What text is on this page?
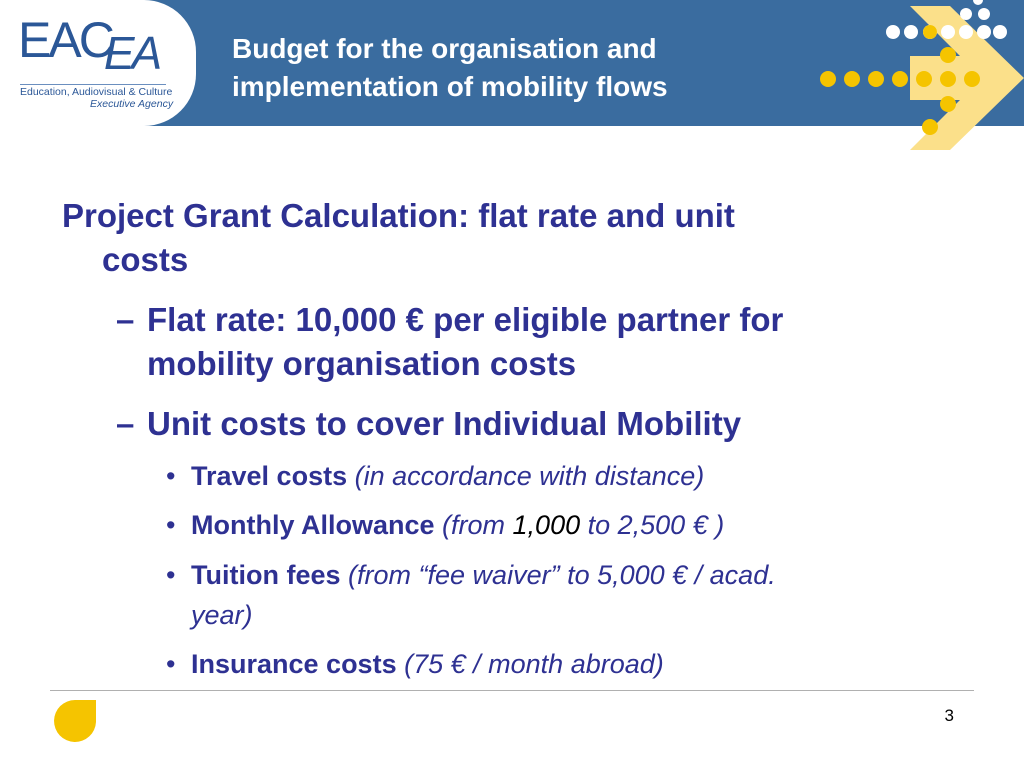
EACEA
Education, Audiovisual & Culture
Executive Agency
Budget for the organisation and
implementation of mobility flows
Project Grant Calculation: flat rate and unit
costs
– Flat rate: 10,000 € per eligible partner for
mobility organisation costs
– Unit costs to cover Individual Mobility
• Travel costs (in accordance with distance)
• Monthly Allowance (from 1,000 to 2,500 € )
• Tuition fees (from “fee waiver” to 5,000 € / acad.
year)
• Insurance costs (75 € / month abroad)
3
